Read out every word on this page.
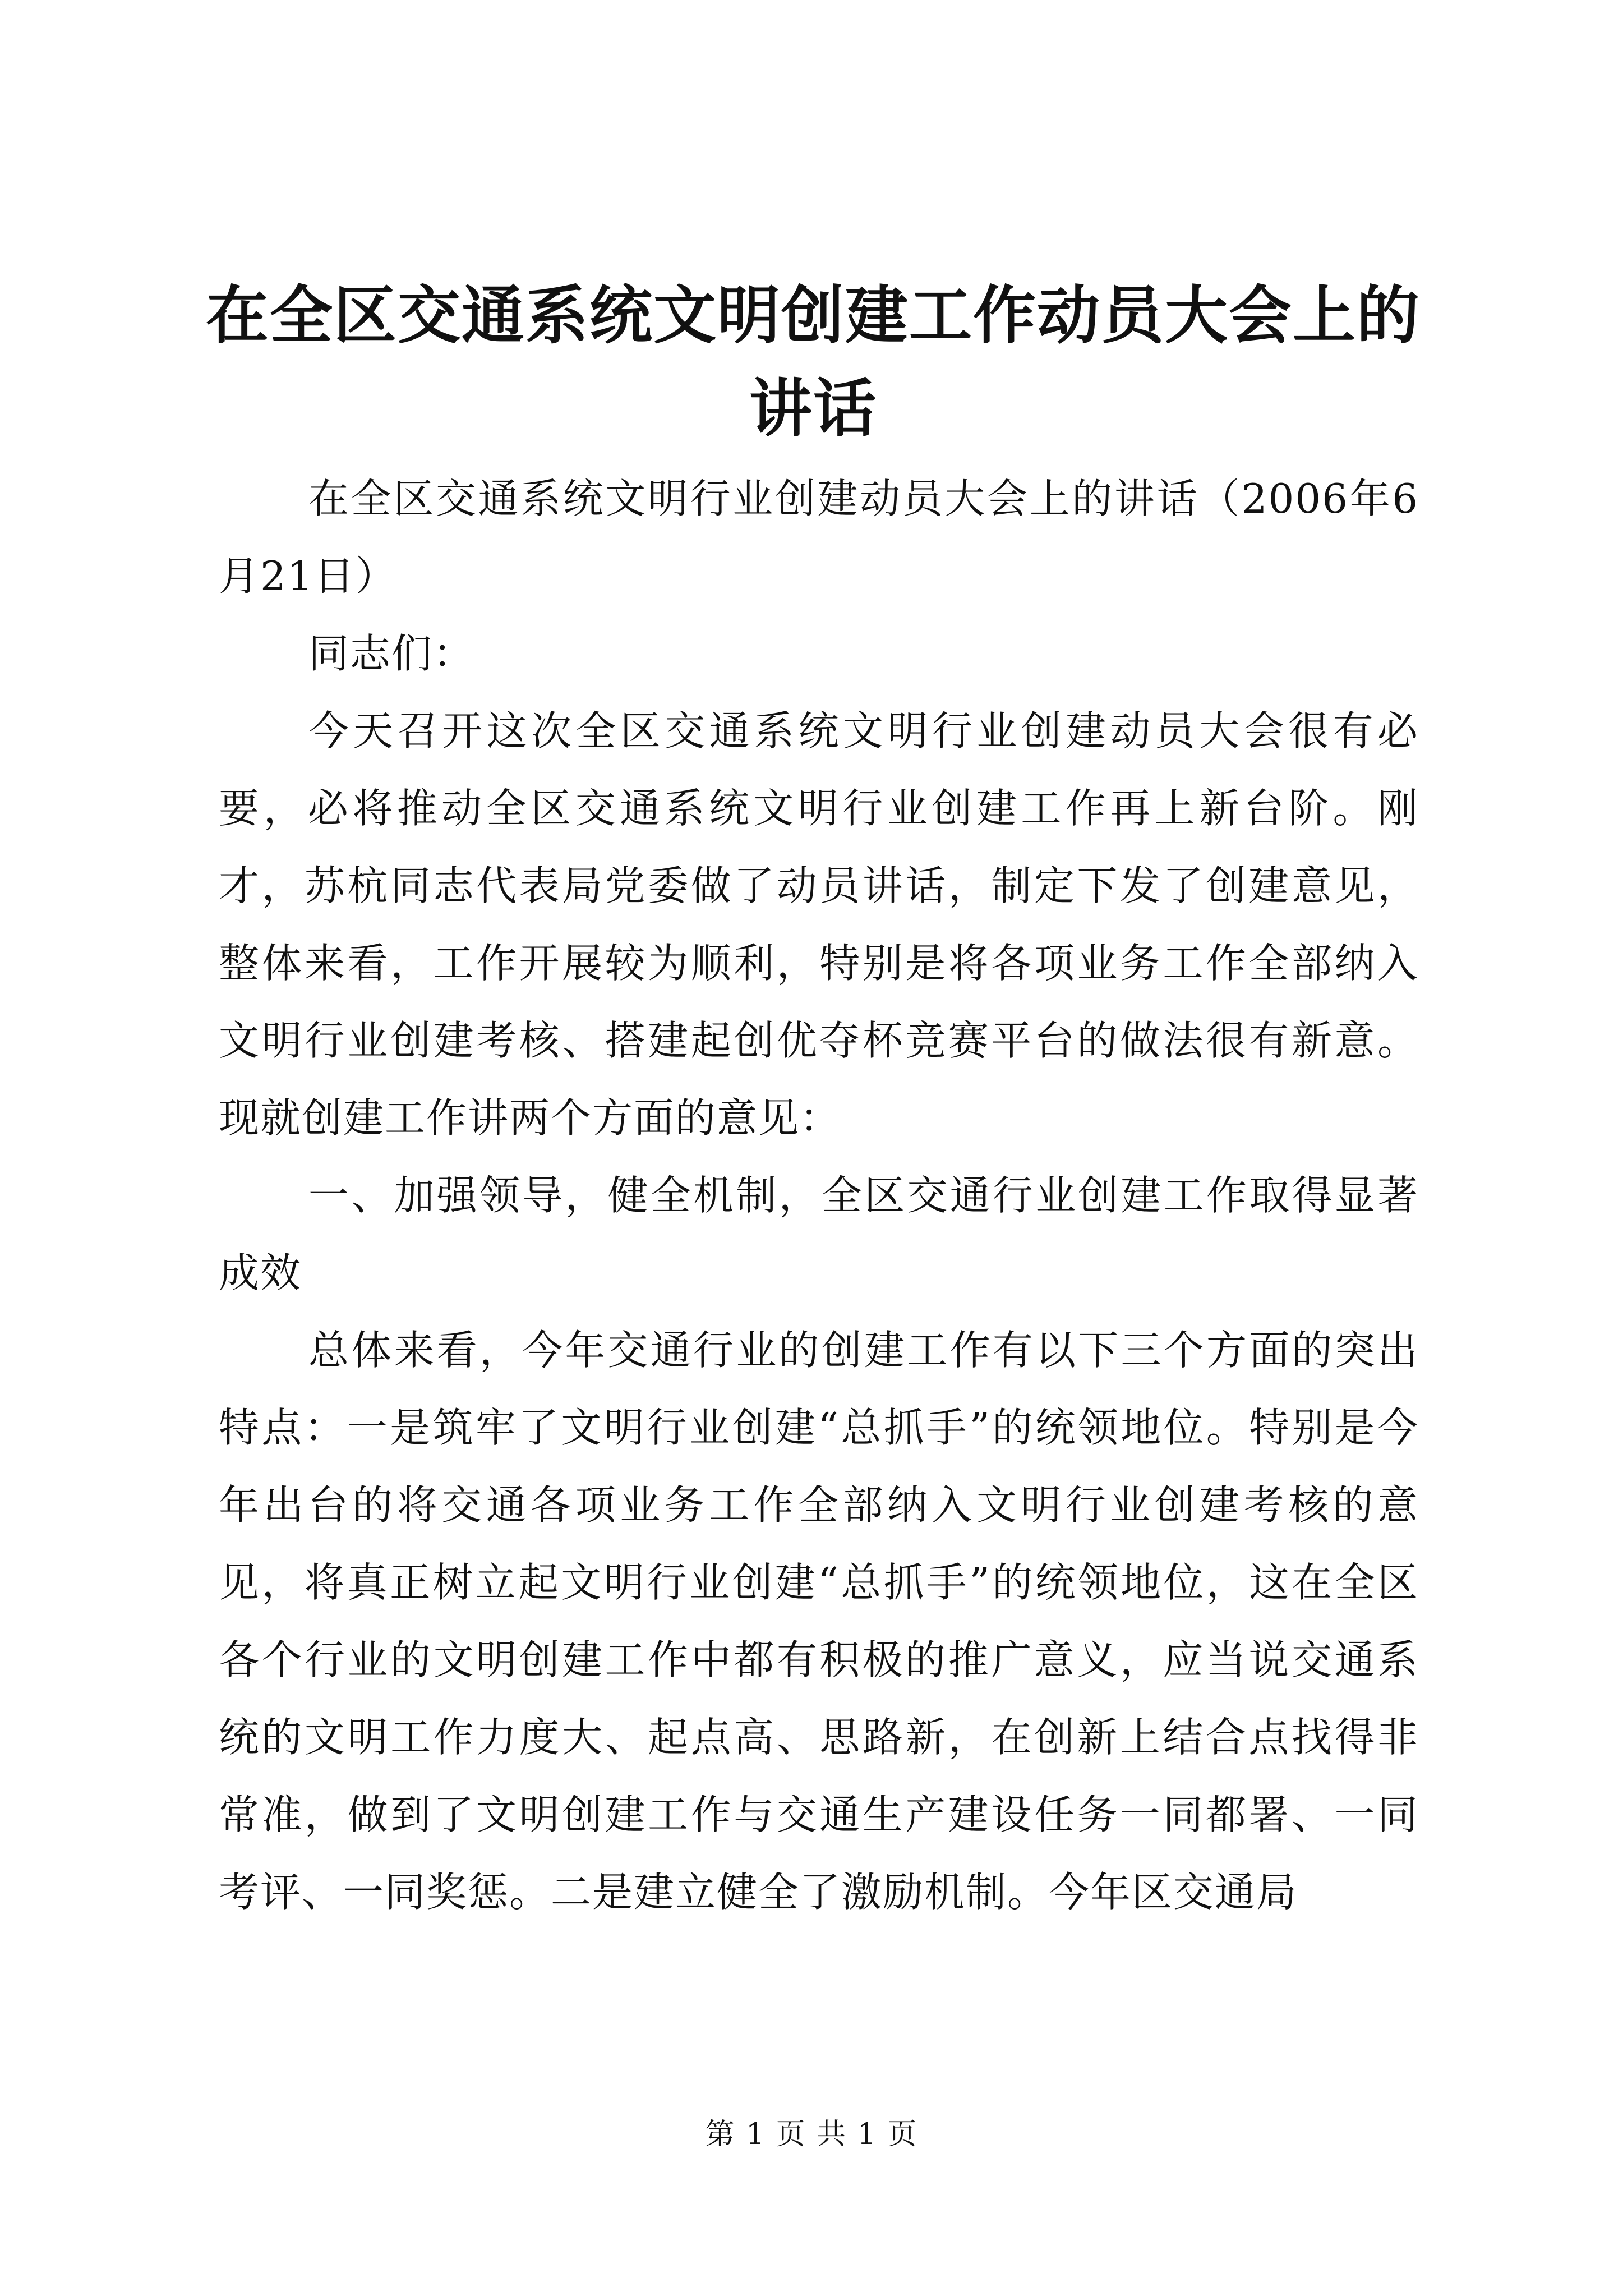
在全区交通系统文明创建工作动员大会上的讲话

在全区交通系统文明行业创建动员大会上的讲话（2006年6月21日）

同志们：

今天召开这次全区交通系统文明行业创建动员大会很有必要，必将推动全区交通系统文明行业创建工作再上新台阶。刚才，苏杭同志代表局党委做了动员讲话，制定下发了创建意见，整体来看，工作开展较为顺利，特别是将各项业务工作全部纳入文明行业创建考核、搭建起创优夺杯竞赛平台的做法很有新意。现就创建工作讲两个方面的意见：

一、加强领导，健全机制，全区交通行业创建工作取得显著成效

总体来看，今年交通行业的创建工作有以下三个方面的突出特点：一是筑牢了文明行业创建“总抓手”的统领地位。特别是今年出台的将交通各项业务工作全部纳入文明行业创建考核的意见，将真正树立起文明行业创建“总抓手”的统领地位，这在全区各个行业的文明创建工作中都有积极的推广意义，应当说交通系统的文明工作力度大、起点高、思路新，在创新上结合点找得非常准，做到了文明创建工作与交通生产建设任务一同都署、一同考评、一同奖惩。二是建立健全了激励机制。今年区交通局

第 1 页 共 1 页
